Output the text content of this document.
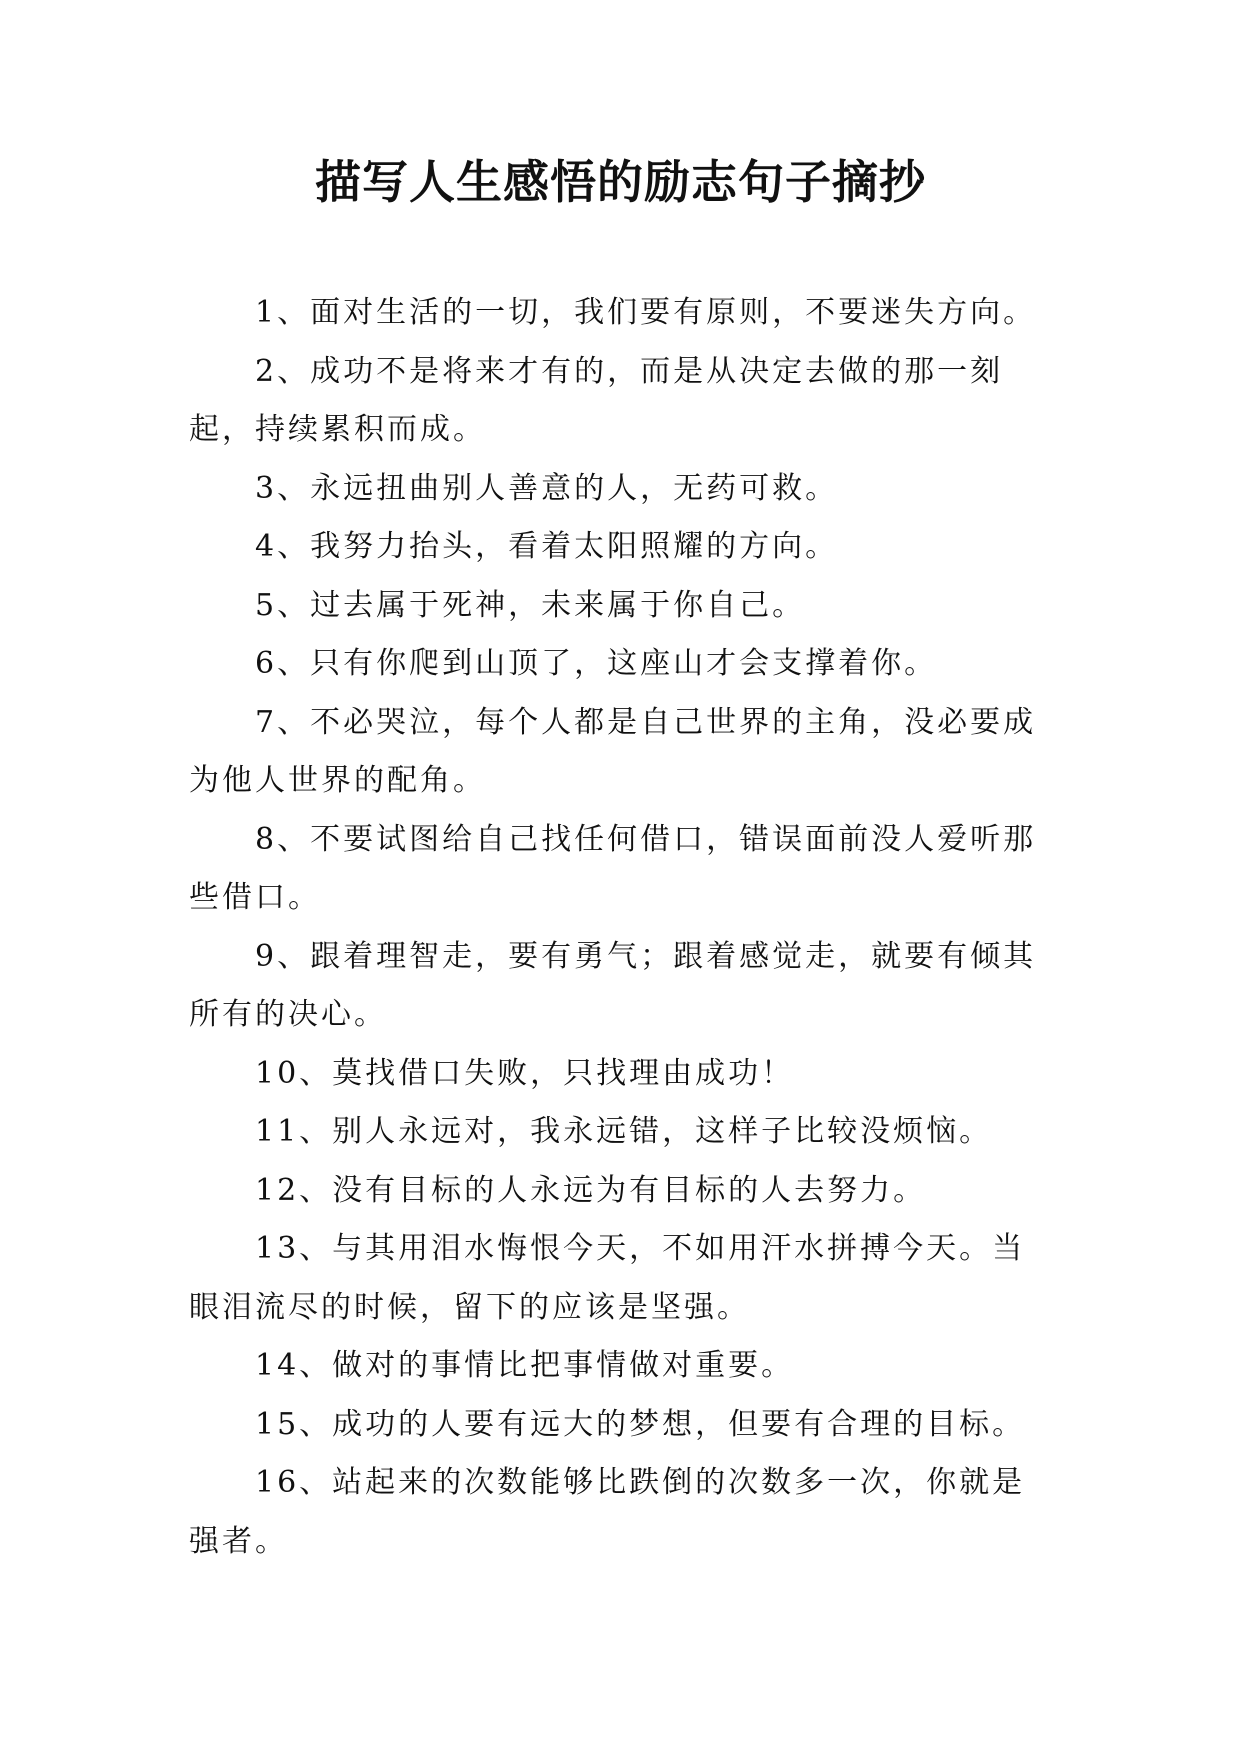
描写人生感悟的励志句子摘抄
1、面对生活的一切，我们要有原则，不要迷失方向。
2、成功不是将来才有的，而是从决定去做的那一刻起，持续累积而成。
3、永远扭曲别人善意的人，无药可救。
4、我努力抬头，看着太阳照耀的方向。
5、过去属于死神，未来属于你自己。
6、只有你爬到山顶了，这座山才会支撑着你。
7、不必哭泣，每个人都是自己世界的主角，没必要成为他人世界的配角。
8、不要试图给自己找任何借口，错误面前没人爱听那些借口。
9、跟着理智走，要有勇气；跟着感觉走，就要有倾其所有的决心。
10、莫找借口失败，只找理由成功！
11、别人永远对，我永远错，这样子比较没烦恼。
12、没有目标的人永远为有目标的人去努力。
13、与其用泪水悔恨今天，不如用汗水拼搏今天。当眼泪流尽的时候，留下的应该是坚强。
14、做对的事情比把事情做对重要。
15、成功的人要有远大的梦想，但要有合理的目标。
16、站起来的次数能够比跌倒的次数多一次，你就是强者。
